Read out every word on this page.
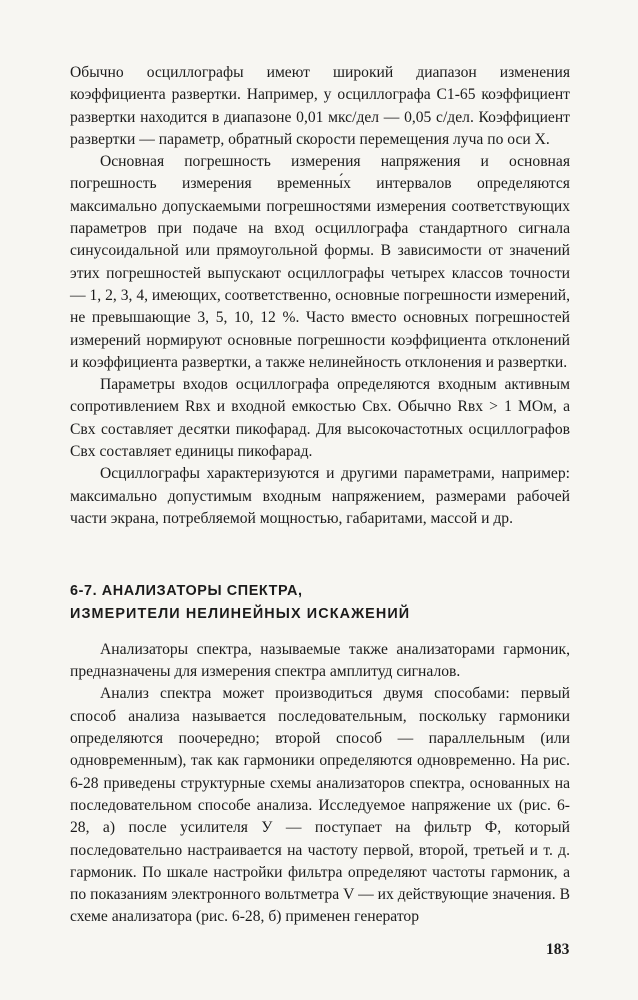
Обычно осциллографы имеют широкий диапазон изменения коэффициента развертки. Например, у осциллографа С1-65 коэффициент развертки находится в диапазоне 0,01 мкс/дел — 0,05 с/дел. Коэффициент развертки — параметр, обратный скорости перемещения луча по оси X.

Основная погрешность измерения напряжения и основная погрешность измерения временны́х интервалов определяются максимально допускаемыми погрешностями измерения соответствующих параметров при подаче на вход осциллографа стандартного сигнала синусоидальной или прямоугольной формы. В зависимости от значений этих погрешностей выпускают осциллографы четырех классов точности — 1, 2, 3, 4, имеющих, соответственно, основные погрешности измерений, не превышающие 3, 5, 10, 12 %. Часто вместо основных погрешностей измерений нормируют основные погрешности коэффициента отклонений и коэффициента развертки, а также нелинейность отклонения и развертки.

Параметры входов осциллографа определяются входным активным сопротивлением Rвх и входной емкостью Свх. Обычно Rвх > 1 МОм, а Свх составляет десятки пикофарад. Для высокочастотных осциллографов Свх составляет единицы пикофарад.

Осциллографы характеризуются и другими параметрами, например: максимально допустимым входным напряжением, размерами рабочей части экрана, потребляемой мощностью, габаритами, массой и др.

6-7. АНАЛИЗАТОРЫ СПЕКТРА,
ИЗМЕРИТЕЛИ НЕЛИНЕЙНЫХ ИСКАЖЕНИЙ

Анализаторы спектра, называемые также анализаторами гармоник, предназначены для измерения спектра амплитуд сигналов.

Анализ спектра может производиться двумя способами: первый способ анализа называется последовательным, поскольку гармоники определяются поочередно; второй способ — параллельным (или одновременным), так как гармоники определяются одновременно. На рис. 6-28 приведены структурные схемы анализаторов спектра, основанных на последовательном способе анализа. Исследуемое напряжение uх (рис. 6-28, а) после усилителя У — поступает на фильтр Ф, который последовательно настраивается на частоту первой, второй, третьей и т. д. гармоник. По шкале настройки фильтра определяют частоты гармоник, а по показаниям электронного вольтметра V — их действующие значения. В схеме анализатора (рис. 6-28, б) применен генератор

183
